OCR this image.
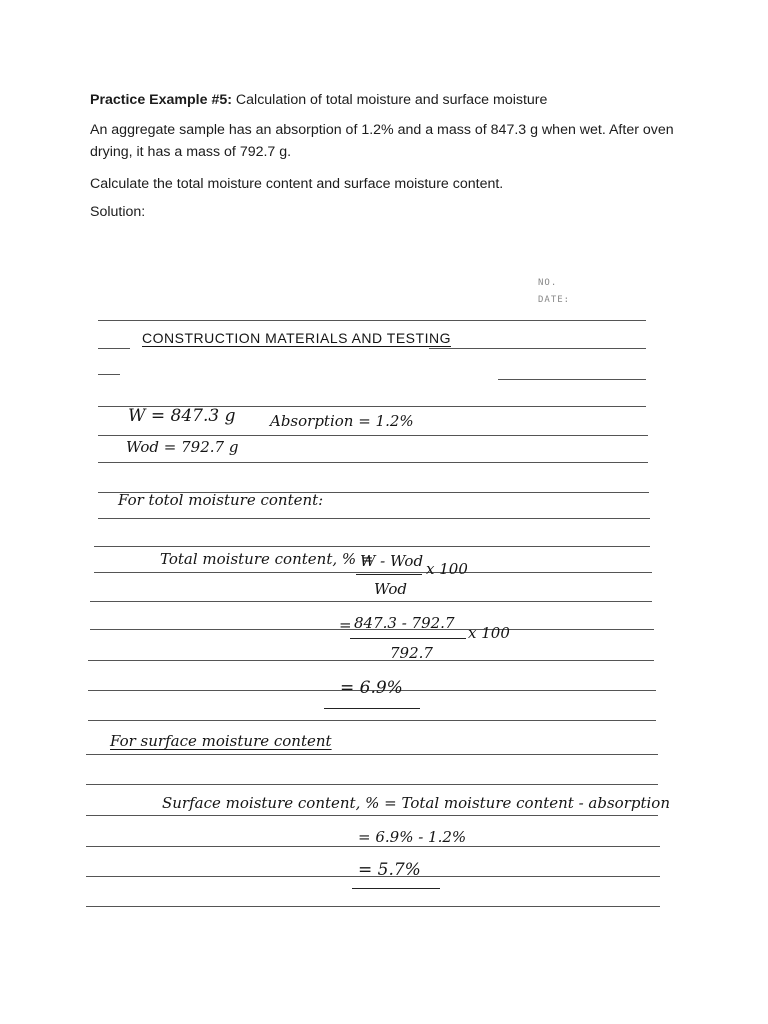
Practice Example #5: Calculation of total moisture and surface moisture
An aggregate sample has an absorption of 1.2% and a mass of 847.3 g when wet. After oven drying, it has a mass of 792.7 g.
Calculate the total moisture content and surface moisture content.
Solution:
NO.
DATE:
CONSTRUCTION MATERIALS AND TESTING
W = 847.3 g Absorption = 1.2%
Wod = 792.7 g
For totol moisture content:
Total moisture content, % =
W - Wod x 100
Wod
= 847.3 - 792.7
x 100
792.7
= 6.9%
For surface moisture content
Surface moisture content, % = Total moisture content - absorption
= 6.9% - 1.2%
= 5.7%
